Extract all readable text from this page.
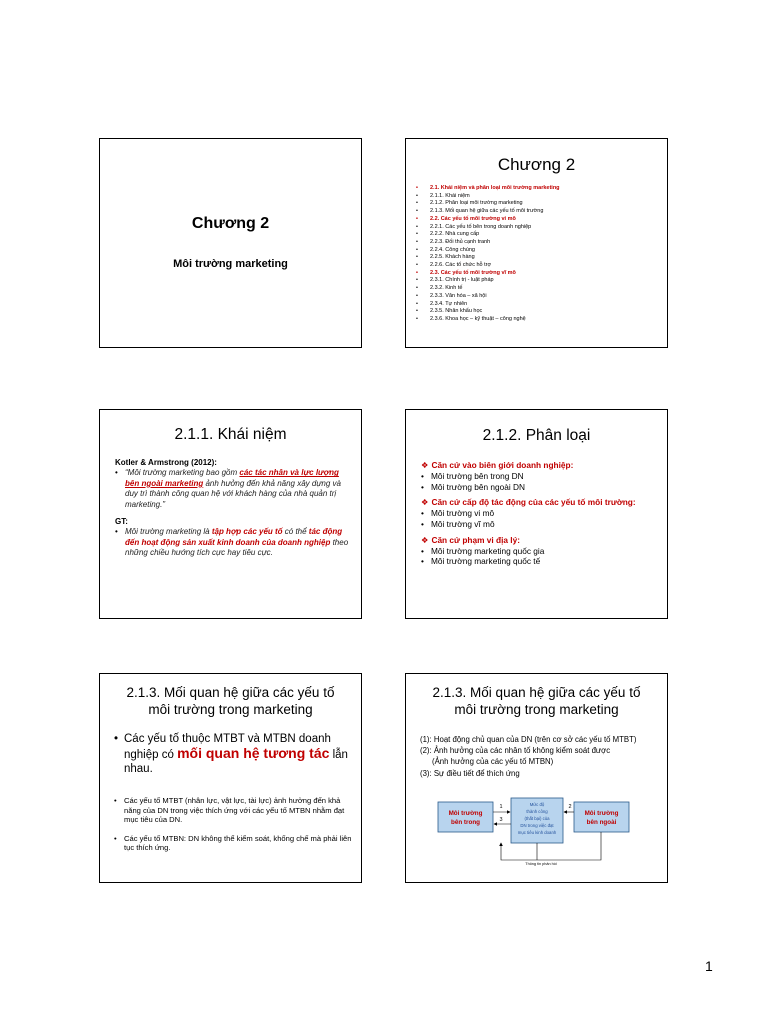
Chương 2
Môi trường marketing
Chương 2
• 2.1. Khái niệm và phân loại môi trường marketing
• 2.1.1. Khái niệm
• 2.1.2. Phân loại môi trường marketing
• 2.1.3. Mối quan hệ giữa các yếu tố môi trường
• 2.2. Các yếu tố môi trường vi mô
• 2.2.1. Các yếu tố bên trong doanh nghiệp
• 2.2.2. Nhà cung cấp
• 2.2.3. Đối thủ cạnh tranh
• 2.2.4. Công chúng
• 2.2.5. Khách hàng
• 2.2.6. Các tổ chức hỗ trợ
• 2.3. Các yếu tố môi trường vĩ mô
• 2.3.1. Chính trị - luật pháp
• 2.3.2. Kinh tế
• 2.3.3. Văn hóa – xã hội
• 2.3.4. Tự nhiên
• 2.3.5. Nhân khẩu học
• 2.3.6. Khoa học – kỹ thuật – công nghệ
2.1.1. Khái niệm
Kotler & Armstrong (2012):
• “Môi trường marketing bao gồm các tác nhân và lực lượng bên ngoài marketing ảnh hưởng đến khả năng xây dựng và duy trì thành công quan hệ với khách hàng của nhà quản trị marketing.”
GT:
• Môi trường marketing là tập hợp các yếu tố có thể tác động đến hoạt động sản xuất kinh doanh của doanh nghiệp theo những chiều hướng tích cực hay tiêu cực.
2.1.2. Phân loại
❖ Căn cứ vào biên giới doanh nghiệp:
• Môi trường bên trong DN
• Môi trường bên ngoài DN
❖ Căn cứ cấp độ tác động của các yếu tố môi trường:
• Môi trường vi mô
• Môi trường vĩ mô
❖ Căn cứ phạm vi địa lý:
• Môi trường marketing quốc gia
• Môi trường marketing quốc tế
2.1.3. Mối quan hệ giữa các yếu tố
môi trường trong marketing
• Các yếu tố thuộc MTBT và MTBN doanh nghiệp có mối quan hệ tương tác lẫn nhau.
• Các yếu tố MTBT (nhân lực, vật lực, tài lực) ảnh hưởng đến khả năng của DN trong việc thích ứng với các yếu tố MTBN nhằm đạt mục tiêu của DN.
• Các yếu tố MTBN: DN không thể kiểm soát, khống chế mà phải liên tục thích ứng.
2.1.3. Mối quan hệ giữa các yếu tố
môi trường trong marketing
(1): Hoạt động chủ quan của DN (trên cơ sở các yếu tố MTBT)
(2): Ảnh hưởng của các nhân tố không kiểm soát được
(Ảnh hưởng của các yếu tố MTBN)
(3): Sự điều tiết để thích ứng
Môi trường
bên trong
Mức độ
thành công
(thất bại) của
DN trong việc đạt
mục tiêu kinh doanh
Môi trường
bên ngoài
1	2
3
Thông tin phản hồi
1
